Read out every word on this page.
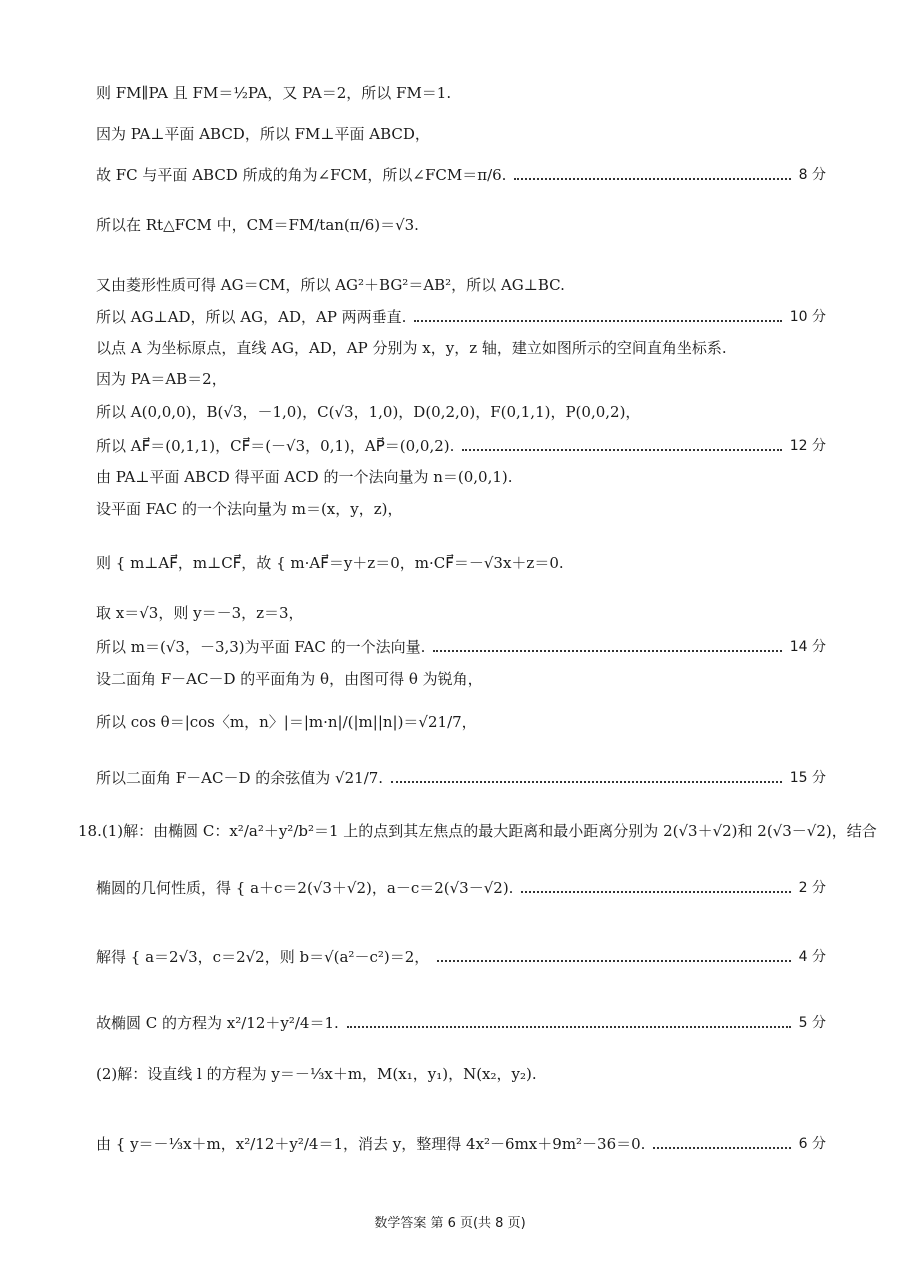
则 FM∥PA 且 FM＝½PA，又 PA＝2，所以 FM＝1.
因为 PA⊥平面 ABCD，所以 FM⊥平面 ABCD，
故 FC 与平面 ABCD 所成的角为∠FCM，所以∠FCM＝π/6.	8 分
所以在 Rt△FCM 中，CM＝FM/tan(π/6)＝√3.
又由菱形性质可得 AG＝CM，所以 AG²＋BG²＝AB²，所以 AG⊥BC.
所以 AG⊥AD，所以 AG，AD，AP 两两垂直.	10 分
以点 A 为坐标原点，直线 AG，AD，AP 分别为 x，y，z 轴，建立如图所示的空间直角坐标系.
因为 PA＝AB＝2，
所以 A(0,0,0)，B(√3，－1,0)，C(√3，1,0)，D(0,2,0)，F(0,1,1)，P(0,0,2)，
所以 AF⃗＝(0,1,1)，CF⃗＝(－√3，0,1)，AP⃗＝(0,0,2).	12 分
由 PA⊥平面 ABCD 得平面 ACD 的一个法向量为 n＝(0,0,1).
设平面 FAC 的一个法向量为 m＝(x，y，z)，
则 { m⊥AF⃗，m⊥CF⃗，故 { m·AF⃗＝y＋z＝0，m·CF⃗＝－√3x＋z＝0.
取 x＝√3，则 y＝－3，z＝3，
所以 m＝(√3，－3,3)为平面 FAC 的一个法向量.	14 分
设二面角 F－AC－D 的平面角为 θ，由图可得 θ 为锐角，
所以 cos θ＝|cos〈m，n〉|＝|m·n|/(|m||n|)＝√21/7，
所以二面角 F－AC－D 的余弦值为 √21/7.	15 分
18.(1)解：由椭圆 C：x²/a²＋y²/b²＝1 上的点到其左焦点的最大距离和最小距离分别为 2(√3＋√2)和 2(√3－√2)，结合
椭圆的几何性质，得 { a＋c＝2(√3＋√2)，a－c＝2(√3－√2).	2 分
解得 { a＝2√3，c＝2√2，则 b＝√(a²－c²)＝2，	4 分
故椭圆 C 的方程为 x²/12＋y²/4＝1.	5 分
(2)解：设直线 l 的方程为 y＝－⅓x＋m，M(x₁，y₁)，N(x₂，y₂).
由 { y＝－⅓x＋m，x²/12＋y²/4＝1，消去 y，整理得 4x²－6mx＋9m²－36＝0.	6 分
数学答案 第 6 页(共 8 页)
